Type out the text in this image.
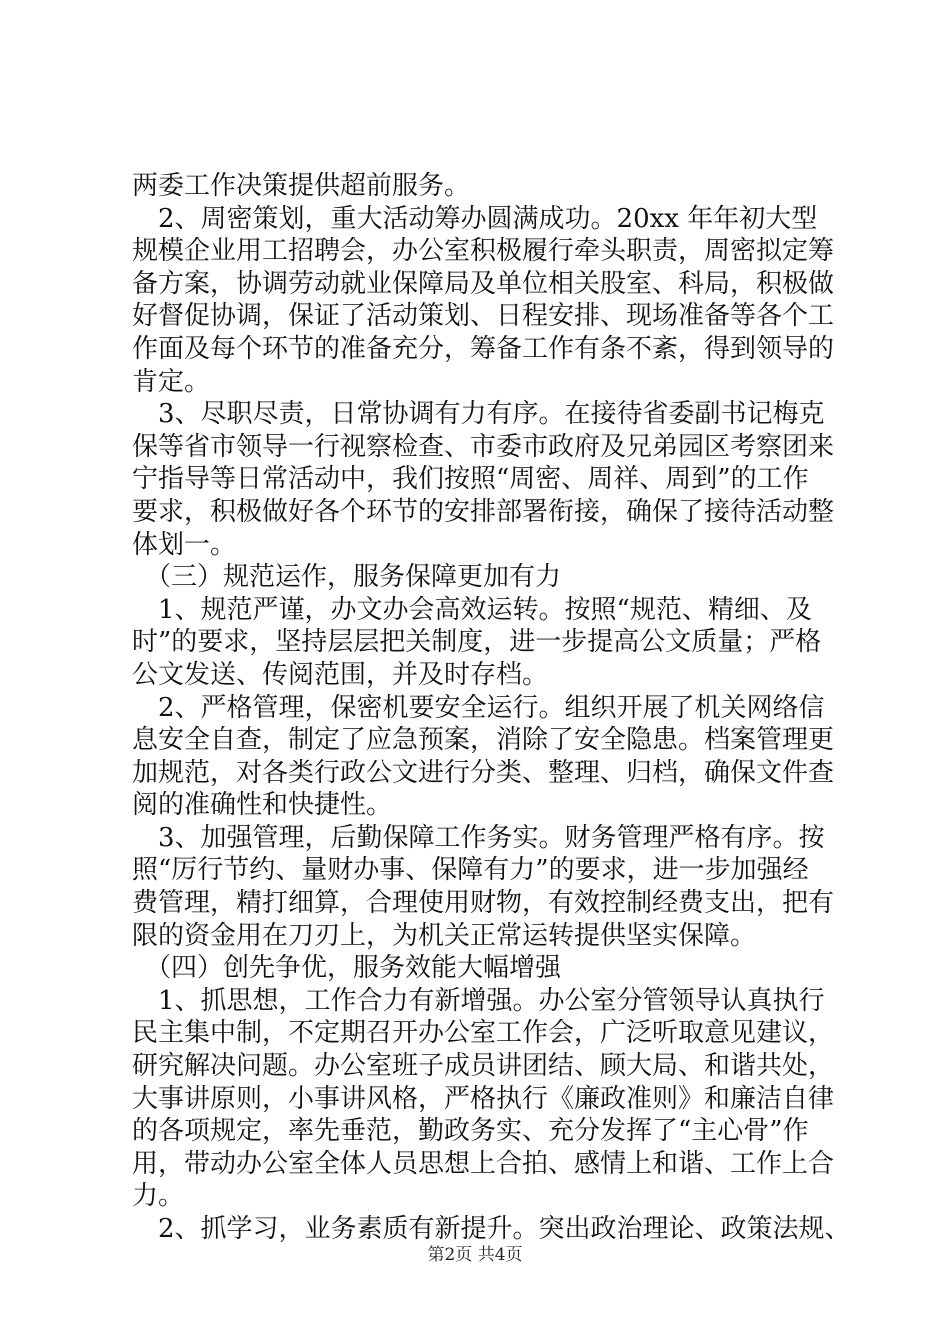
两委工作决策提供超前服务。
　2、周密策划，重大活动筹办圆满成功。20xx 年年初大型
规模企业用工招聘会，办公室积极履行牵头职责，周密拟定筹
备方案，协调劳动就业保障局及单位相关股室、科局，积极做
好督促协调，保证了活动策划、日程安排、现场准备等各个工
作面及每个环节的准备充分，筹备工作有条不紊，得到领导的
肯定。
　3、尽职尽责，日常协调有力有序。在接待省委副书记梅克
保等省市领导一行视察检查、市委市政府及兄弟园区考察团来
宁指导等日常活动中，我们按照“周密、周祥、周到”的工作
要求，积极做好各个环节的安排部署衔接，确保了接待活动整
体划一。
　（三）规范运作，服务保障更加有力
　1、规范严谨，办文办会高效运转。按照“规范、精细、及
时”的要求，坚持层层把关制度，进一步提高公文质量；严格
公文发送、传阅范围，并及时存档。
　2、严格管理，保密机要安全运行。组织开展了机关网络信
息安全自查，制定了应急预案，消除了安全隐患。档案管理更
加规范，对各类行政公文进行分类、整理、归档，确保文件查
阅的准确性和快捷性。
　3、加强管理，后勤保障工作务实。财务管理严格有序。按
照“厉行节约、量财办事、保障有力”的要求，进一步加强经
费管理，精打细算，合理使用财物，有效控制经费支出，把有
限的资金用在刀刃上，为机关正常运转提供坚实保障。
　（四）创先争优，服务效能大幅增强
　1、抓思想，工作合力有新增强。办公室分管领导认真执行
民主集中制，不定期召开办公室工作会，广泛听取意见建议，
研究解决问题。办公室班子成员讲团结、顾大局、和谐共处，
大事讲原则，小事讲风格，严格执行《廉政准则》和廉洁自律
的各项规定，率先垂范，勤政务实、充分发挥了“主心骨”作
用，带动办公室全体人员思想上合拍、感情上和谐、工作上合
力。
　2、抓学习，业务素质有新提升。突出政治理论、政策法规、
第2页 共4页
